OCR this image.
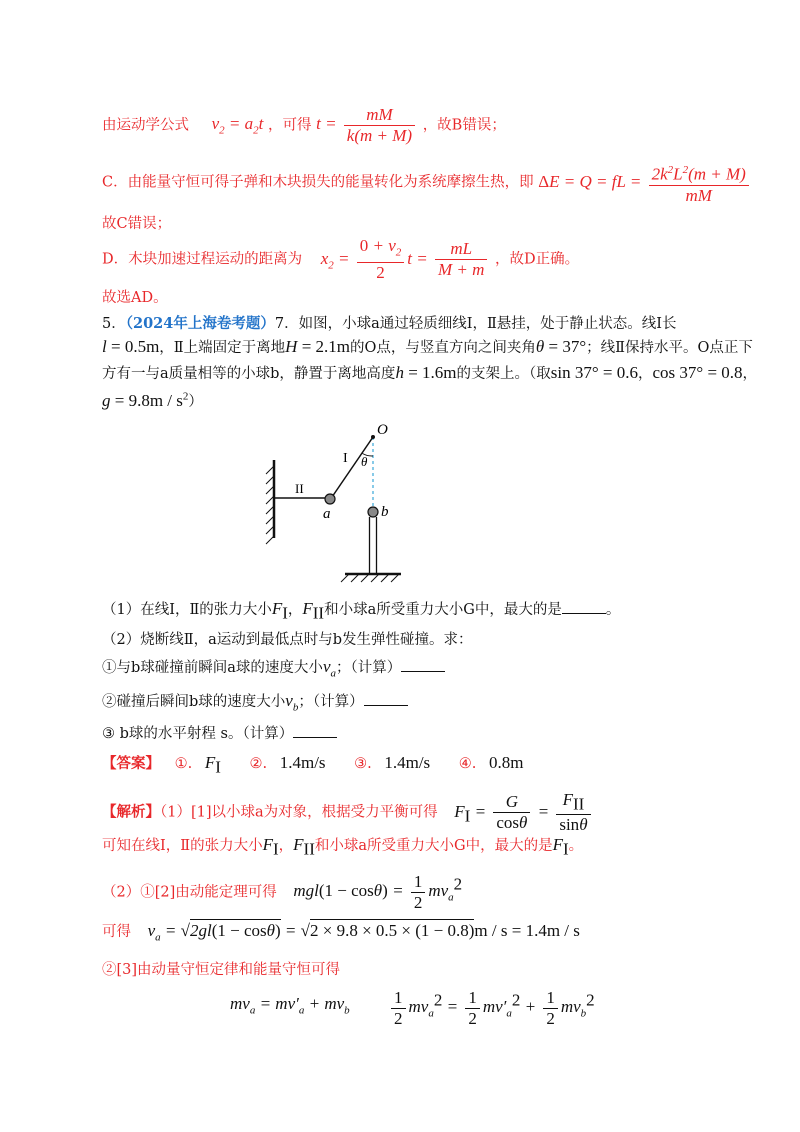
由运动学公式 $v_2 = a_2t$ ，可得 $t = \frac{mM}{k(m + M)}$ ，故B错误；
C．由能量守恒可得子弹和木块损失的能量转化为系统摩擦生热，即 ΔE = Q = fL = $\frac{2k^2L^2(m + M)}{mM}$
故C错误；
D．木块加速过程运动的距离为 $x_2 = \frac{0 + v_2}{2}$ $t = \frac{mL}{M + m}$ ，故D正确。
故选AD。
5．（2024年上海卷考题）7．如图，小球a通过轻质细线Ⅰ，Ⅱ悬挂，处于静止状态。线Ⅰ长
l = 0.5m，Ⅱ上端固定于离地H = 2.1m的O点，与竖直方向之间夹角θ = 37°；线Ⅱ保持水平。O点正下
方有一与a质量相等的小球b，静置于离地高度h = 1.6m的支架上。（取sin 37° = 0.6，cos 37° = 0.8，
$g = 9.8m / s^2$）
O
I θ
II
a	b
（1）在线Ⅰ，Ⅱ的张力大小$F_I$，$F_{II}$和小球a所受重力大小G中，最大的是	。
（2）烧断线Ⅱ，a运动到最低点时与b发生弹性碰撞。求：
①与b球碰撞前瞬间a球的速度大小$v_a$；（计算）
②碰撞后瞬间b球的速度大小$v_b$；（计算）
③ b球的水平射程 s。（计算）
【答案】 ①. $F_I$ ②. 1.4m/s ③. 1.4m/s ④. 0.8m
【解析】（1）[1]以小球a为对象，根据受力平衡可得 $F_I = \frac{G}{\cos\theta} = \frac{F_{II}}{\sin\theta}$
可知在线Ⅰ，Ⅱ的张力大小$F_I$，$F_{II}$和小球a所受重力大小G中，最大的是$F_I$。
（2）①[2]由动能定理可得 $mgl(1 - \cos\theta) = \frac{1}{2} mv_a^2$
可得 $v_a = √2gl(1 - \cos\theta) = √2 \times 9.8 \times 0.5 \times (1 - 0.8)m / s = 1.4m / s$
②[3]由动量守恒定律和能量守恒可得
$mv_a = mv'_a + mv_b \frac{1}{2} mv_a^2 = \frac{1}{2} mv'_a^2 + \frac{1}{2} mv_b^2$
